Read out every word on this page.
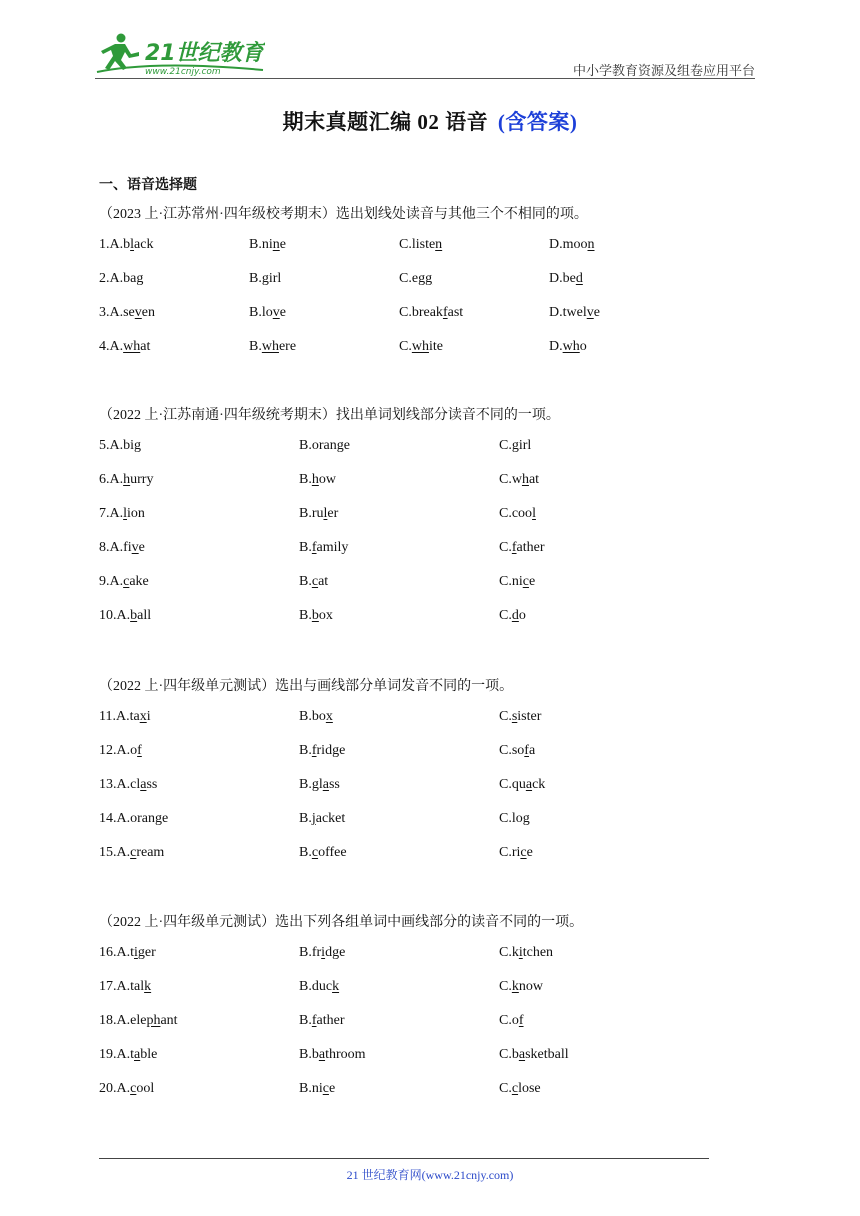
21世纪教育
www.21cnjy.com	中小学教育资源及组卷应用平台
期末真题汇编 02 语音 (含答案)
一、语音选择题
（2023 上·江苏常州·四年级校考期末）选出划线处读音与其他三个不相同的项。
1.A.black	B.nine	C.listen	D.moon
2.A.bag	B.girl	C.egg	D.bed
3.A.seven	B.love	C.breakfast	D.twelve
4.A.what	B.where	C.white	D.who
（2022 上·江苏南通·四年级统考期末）找出单词划线部分读音不同的一项。
5.A.big	B.orange	C.girl
6.A.hurry	B.how	C.what
7.A.lion	B.ruler	C.cool
8.A.five	B.family	C.father
9.A.cake	B.cat	C.nice
10.A.ball	B.box	C.do
（2022 上·四年级单元测试）选出与画线部分单词发音不同的一项。
11.A.taxi	B.box	C.sister
12.A.of	B.fridge	C.sofa
13.A.class	B.glass	C.quack
14.A.orange	B.jacket	C.log
15.A.cream	B.coffee	C.rice
（2022 上·四年级单元测试）选出下列各组单词中画线部分的读音不同的一项。
16.A.tiger	B.fridge	C.kitchen
17.A.talk	B.duck	C.know
18.A.elephant	B.father	C.of
19.A.table	B.bathroom	C.basketball
20.A.cool	B.nice	C.close
21 世纪教育网(www.21cnjy.com)
